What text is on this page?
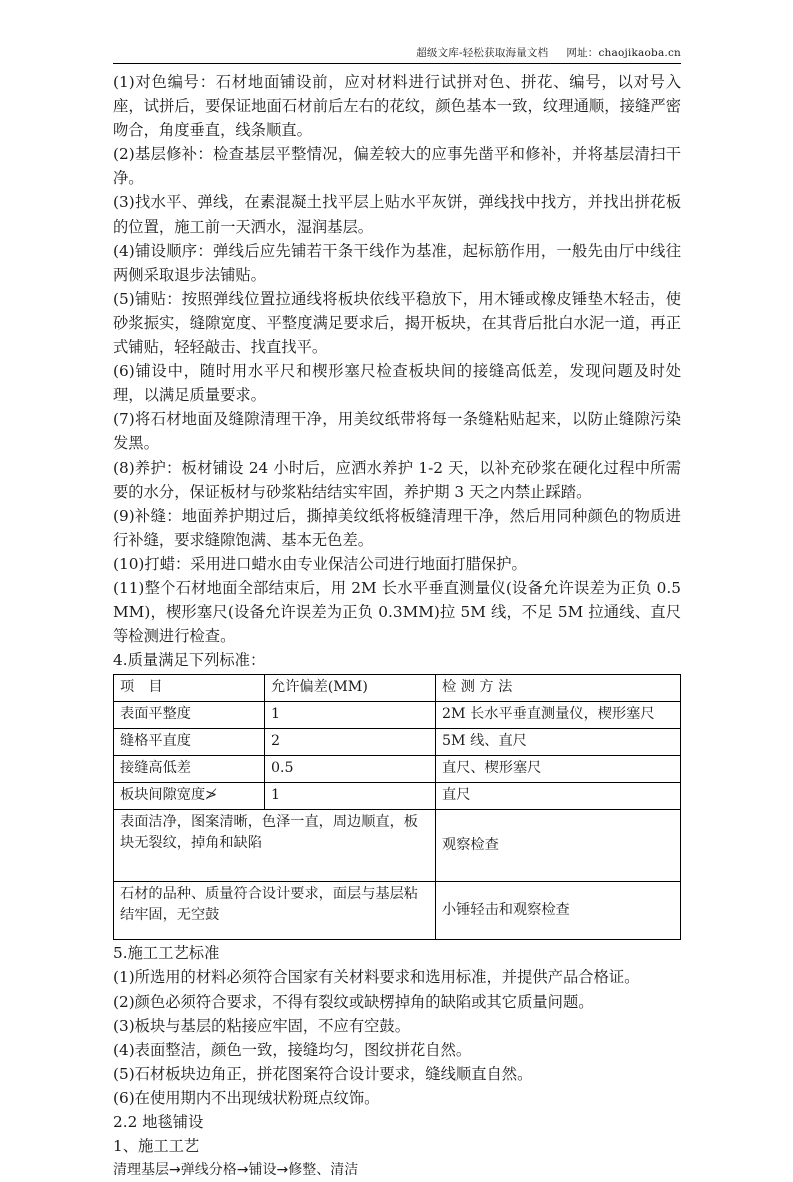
超级文库-轻松获取海量文档 网址：chaojikaoba.cn

(1)对色编号：石材地面铺设前，应对材料进行试拼对色、拼花、编号，以对号入座，试拼后，要保证地面石材前后左右的花纹，颜色基本一致，纹理通顺，接缝严密吻合，角度垂直，线条顺直。

(2)基层修补：检查基层平整情况，偏差较大的应事先凿平和修补，并将基层清扫干净。

(3)找水平、弹线，在素混凝土找平层上贴水平灰饼，弹线找中找方，并找出拼花板的位置，施工前一天洒水，湿润基层。

(4)铺设顺序：弹线后应先铺若干条干线作为基准，起标筋作用，一般先由厅中线往两侧采取退步法铺贴。

(5)铺贴：按照弹线位置拉通线将板块依线平稳放下，用木锤或橡皮锤垫木轻击，使砂浆振实，缝隙宽度、平整度满足要求后，揭开板块，在其背后批白水泥一道，再正式铺贴，轻轻敲击、找直找平。

(6)铺设中，随时用水平尺和楔形塞尺检查板块间的接缝高低差，发现问题及时处理，以满足质量要求。

(7)将石材地面及缝隙清理干净，用美纹纸带将每一条缝粘贴起来，以防止缝隙污染发黑。

(8)养护：板材铺设 24 小时后，应洒水养护 1-2 天，以补充砂浆在硬化过程中所需要的水分，保证板材与砂浆粘结结实牢固，养护期 3 天之内禁止踩踏。

(9)补缝：地面养护期过后，撕掉美纹纸将板缝清理干净，然后用同种颜色的物质进行补缝，要求缝隙饱满、基本无色差。

(10)打蜡：采用进口蜡水由专业保洁公司进行地面打腊保护。

(11)整个石材地面全部结束后，用 2M 长水平垂直测量仪(设备允许误差为正负 0.5MM)，楔形塞尺(设备允许误差为正负 0.3MM)拉 5M 线，不足 5M 拉通线、直尺等检测进行检查。

4.质量满足下列标准：

项　目	允许偏差(MM)	检 测 方 法
表面平整度	1	2M 长水平垂直测量仪，楔形塞尺
缝格平直度	2	5M 线、直尺
接缝高低差	0.5	直尺、楔形塞尺
板块间隙宽度≯	1	直尺
表面洁净，图案清晰，色泽一直，周边顺直，板块无裂纹，掉角和缺陷		观察检查
石材的品种、质量符合设计要求，面层与基层粘结牢固，无空鼓		小锤轻击和观察检查

5.施工工艺标准

(1)所选用的材料必须符合国家有关材料要求和选用标准，并提供产品合格证。

(2)颜色必须符合要求，不得有裂纹或缺楞掉角的缺陷或其它质量问题。

(3)板块与基层的粘接应牢固，不应有空鼓。

(4)表面整洁，颜色一致，接缝均匀，图纹拼花自然。

(5)石材板块边角正，拼花图案符合设计要求，缝线顺直自然。

(6)在使用期内不出现绒状粉斑点纹饰。

2.2 地毯铺设

1、施工工艺

清理基层→弹线分格→铺设→修整、清洁
